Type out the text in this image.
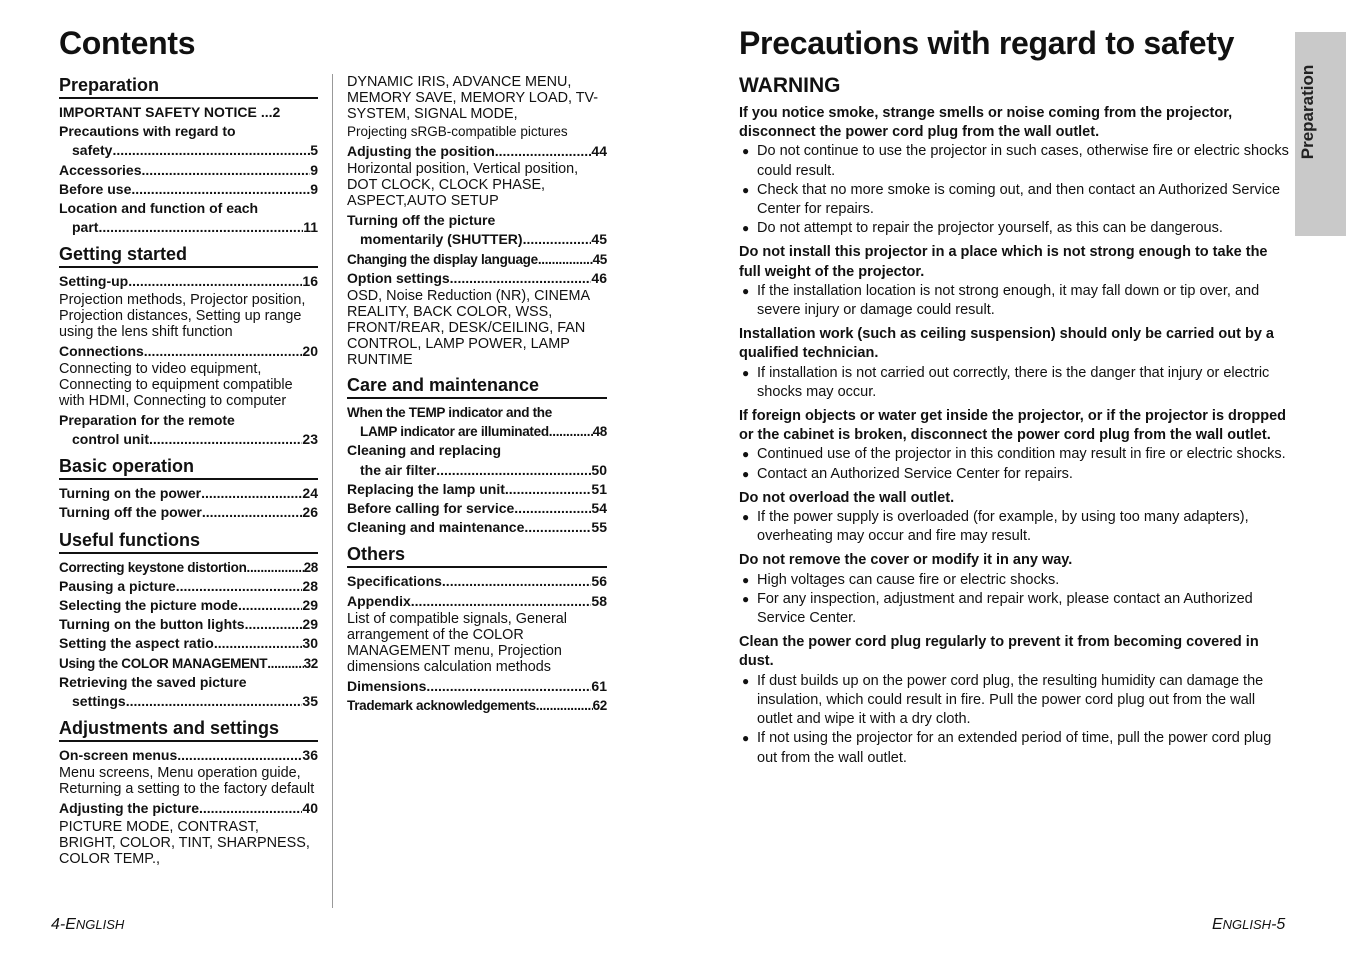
Contents
Preparation
IMPORTANT SAFETY NOTICE ...2
Precautions with regard to
safety .....	5
Accessories .....	9
Before use .....	9
Location and function of each
part .....	11
Getting started
Setting-up .....	16
Projection methods, Projector position, Projection distances, Setting up range using the lens shift function
Connections .....	20
Connecting to video equipment, Connecting to equipment compatible with HDMI, Connecting to computer
Preparation for the remote
control unit .....	23
Basic operation
Turning on the power .....	24
Turning off the power .....	26
Useful functions
Correcting keystone distortion .....	28
Pausing a picture .....	28
Selecting the picture mode .....	29
Turning on the button lights .....	29
Setting the aspect ratio .....	30
Using the COLOR MANAGEMENT .....	32
Retrieving the saved picture
settings .....	35
Adjustments and settings
On-screen menus .....	36
Menu screens, Menu operation guide, Returning a setting to the factory default
Adjusting the picture .....	40
PICTURE MODE, CONTRAST, BRIGHT, COLOR, TINT, SHARPNESS, COLOR TEMP.,
DYNAMIC IRIS, ADVANCE MENU, MEMORY SAVE, MEMORY LOAD, TV-SYSTEM, SIGNAL MODE,
Projecting sRGB-compatible pictures
Adjusting the position .....	44
Horizontal position, Vertical position, DOT CLOCK, CLOCK PHASE, ASPECT,AUTO SETUP
Turning off the picture
momentarily (SHUTTER) .....	45
Changing the display language .....	45
Option settings .....	46
OSD, Noise Reduction (NR), CINEMA REALITY, BACK COLOR, WSS, FRONT/REAR, DESK/CEILING, FAN CONTROL, LAMP POWER, LAMP RUNTIME
Care and maintenance
When the TEMP indicator and the
LAMP indicator are illuminated .....	48
Cleaning and replacing
the air filter .....	50
Replacing the lamp unit .....	51
Before calling for service .....	54
Cleaning and maintenance .....	55
Others
Specifications .....	56
Appendix .....	58
List of compatible signals, General arrangement of the COLOR MANAGEMENT menu, Projection dimensions calculation methods
Dimensions .....	61
Trademark acknowledgements .....	62
Precautions with regard to safety
WARNING
If you notice smoke, strange smells or noise coming from the projector, disconnect the power cord plug from the wall outlet.
● Do not continue to use the projector in such cases, otherwise fire or electric shocks could result.
● Check that no more smoke is coming out, and then contact an Authorized Service Center for repairs.
● Do not attempt to repair the projector yourself, as this can be dangerous.
Do not install this projector in a place which is not strong enough to take the full weight of the projector.
● If the installation location is not strong enough, it may fall down or tip over, and severe injury or damage could result.
Installation work (such as ceiling suspension) should only be carried out by a qualified technician.
● If installation is not carried out correctly, there is the danger that injury or electric shocks may occur.
If foreign objects or water get inside the projector, or if the projector is dropped or the cabinet is broken, disconnect the power cord plug from the wall outlet.
● Continued use of the projector in this condition may result in fire or electric shocks.
● Contact an Authorized Service Center for repairs.
Do not overload the wall outlet.
● If the power supply is overloaded (for example, by using too many adapters), overheating may occur and fire may result.
Do not remove the cover or modify it in any way.
● High voltages can cause fire or electric shocks.
● For any inspection, adjustment and repair work, please contact an Authorized Service Center.
Clean the power cord plug regularly to prevent it from becoming covered in dust.
● If dust builds up on the power cord plug, the resulting humidity can damage the insulation, which could result in fire. Pull the power cord plug out from the wall outlet and wipe it with a dry cloth.
● If not using the projector for an extended period of time, pull the power cord plug out from the wall outlet.
Preparation
4-ENGLISH	ENGLISH-5
